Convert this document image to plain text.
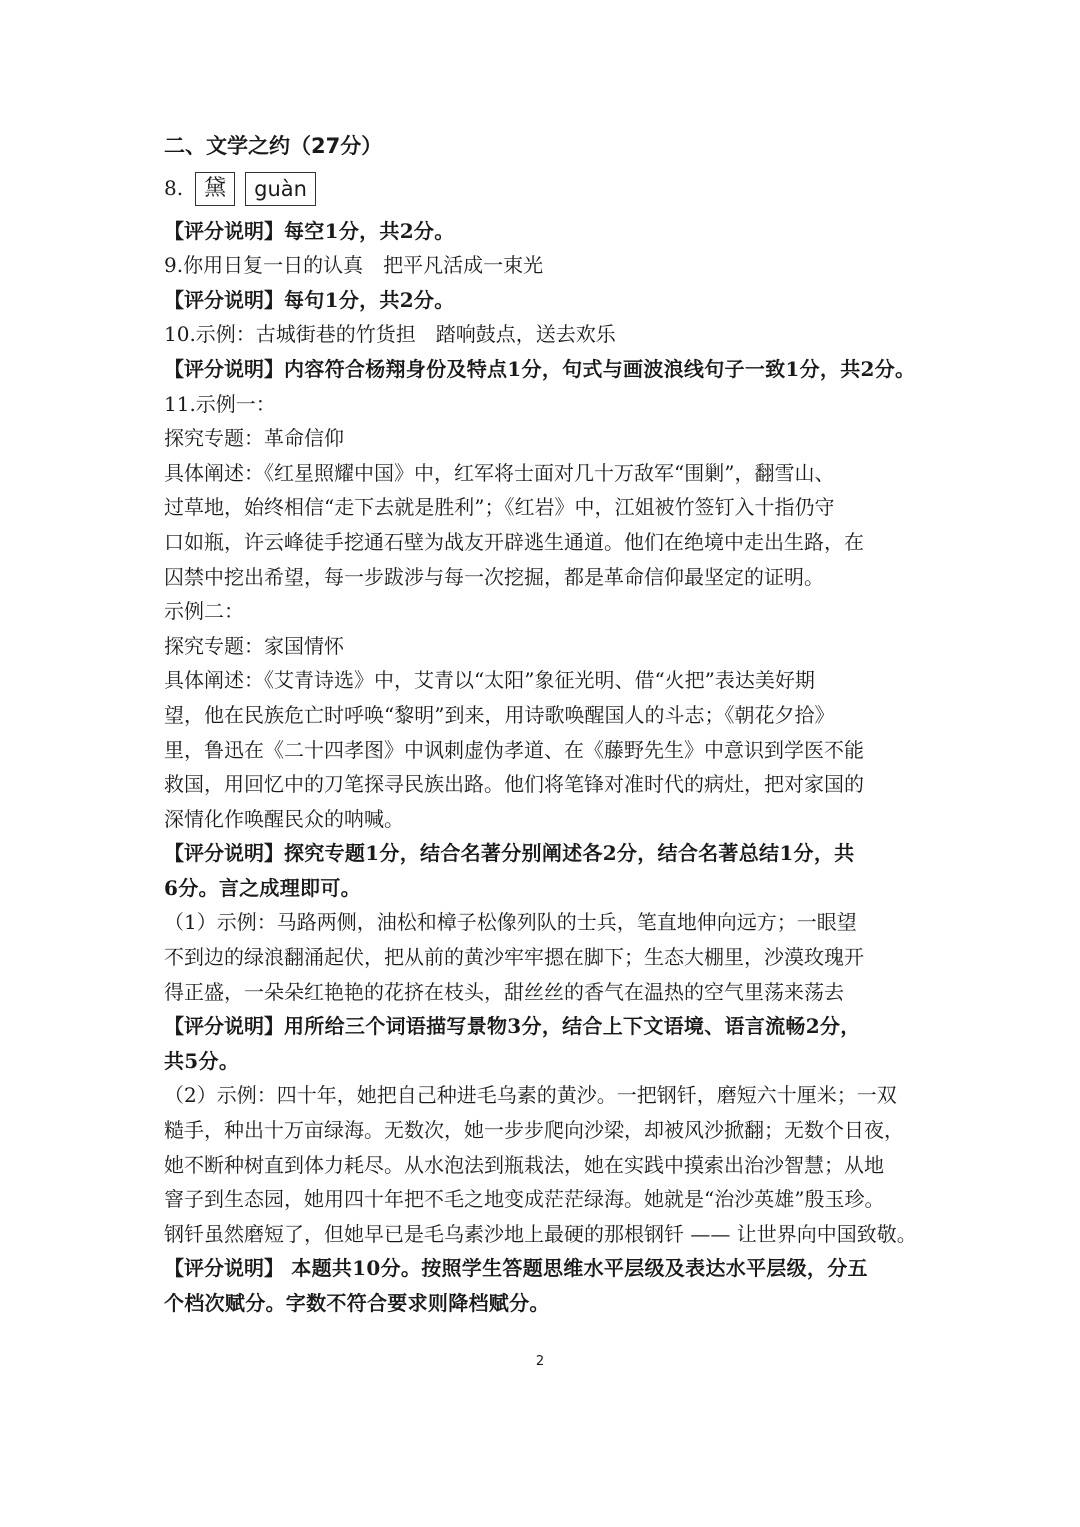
二、文学之约（27分）
8. 黛	guàn
【评分说明】每空1分，共2分。
9.你用日复一日的认真　把平凡活成一束光
【评分说明】每句1分，共2分。
10.示例：古城街巷的竹货担　踏响鼓点，送去欢乐
【评分说明】内容符合杨翔身份及特点1分，句式与画波浪线句子一致1分，共2分。
11.示例一：
探究专题：革命信仰
具体阐述：《红星照耀中国》中，红军将士面对几十万敌军“围剿”，翻雪山、
过草地，始终相信“走下去就是胜利”；《红岩》中，江姐被竹签钉入十指仍守
口如瓶，许云峰徒手挖通石壁为战友开辟逃生通道。他们在绝境中走出生路，在
囚禁中挖出希望，每一步跋涉与每一次挖掘，都是革命信仰最坚定的证明。
示例二：
探究专题：家国情怀
具体阐述：《艾青诗选》中，艾青以“太阳”象征光明、借“火把”表达美好期
望，他在民族危亡时呼唤“黎明”到来，用诗歌唤醒国人的斗志；《朝花夕拾》
里，鲁迅在《二十四孝图》中讽刺虚伪孝道、在《藤野先生》中意识到学医不能
救国，用回忆中的刀笔探寻民族出路。他们将笔锋对准时代的病灶，把对家国的
深情化作唤醒民众的呐喊。
【评分说明】探究专题1分，结合名著分别阐述各2分，结合名著总结1分，共
6分。言之成理即可。
（1）示例：马路两侧，油松和樟子松像列队的士兵，笔直地伸向远方；一眼望
不到边的绿浪翻涌起伏，把从前的黄沙牢牢摁在脚下；生态大棚里，沙漠玫瑰开
得正盛，一朵朵红艳艳的花挤在枝头，甜丝丝的香气在温热的空气里荡来荡去
【评分说明】用所给三个词语描写景物3分，结合上下文语境、语言流畅2分，
共5分。
（2）示例：四十年，她把自己种进毛乌素的黄沙。一把钢钎，磨短六十厘米；一双
糙手，种出十万亩绿海。无数次，她一步步爬向沙梁，却被风沙掀翻；无数个日夜，
她不断种树直到体力耗尽。从水泡法到瓶栽法，她在实践中摸索出治沙智慧；从地
窨子到生态园，她用四十年把不毛之地变成茫茫绿海。她就是“治沙英雄”殷玉珍。
钢钎虽然磨短了，但她早已是毛乌素沙地上最硬的那根钢钎 —— 让世界向中国致敬。
【评分说明】 本题共10分。按照学生答题思维水平层级及表达水平层级，分五
个档次赋分。字数不符合要求则降档赋分。
2
